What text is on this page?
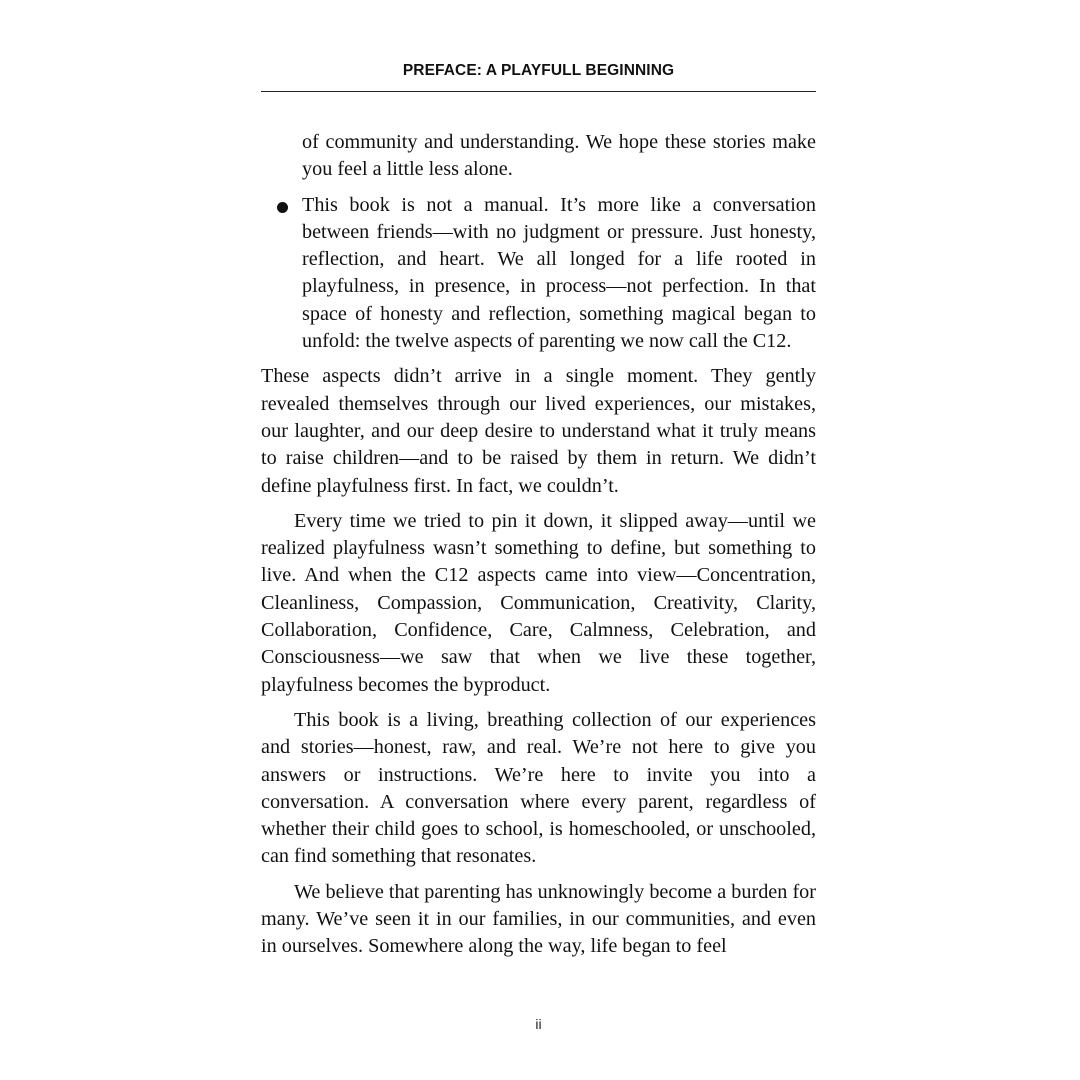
PREFACE: A PLAYFULL BEGINNING

of community and understanding. We hope these stories make you feel a little less alone.

This book is not a manual. It’s more like a conversation between friends—with no judgment or pressure. Just honesty, reflection, and heart. We all longed for a life rooted in playfulness, in presence, in process—not perfection. In that space of honesty and reflection, something magical began to unfold: the twelve aspects of parenting we now call the C12.

These aspects didn’t arrive in a single moment. They gently revealed themselves through our lived experiences, our mistakes, our laughter, and our deep desire to understand what it truly means to raise children—and to be raised by them in return. We didn’t define playfulness first. In fact, we couldn’t.

Every time we tried to pin it down, it slipped away—until we realized playfulness wasn’t something to define, but something to live. And when the C12 aspects came into view—Concentration, Cleanliness, Compassion, Communication, Creativity, Clarity, Collaboration, Confidence, Care, Calmness, Celebration, and Consciousness—we saw that when we live these together, playfulness becomes the byproduct.

This book is a living, breathing collection of our experiences and stories—honest, raw, and real. We’re not here to give you answers or instructions. We’re here to invite you into a conversation. A conversation where every parent, regardless of whether their child goes to school, is homeschooled, or unschooled, can find something that resonates.

We believe that parenting has unknowingly become a burden for many. We’ve seen it in our families, in our communities, and even in ourselves. Somewhere along the way, life began to feel

ii
